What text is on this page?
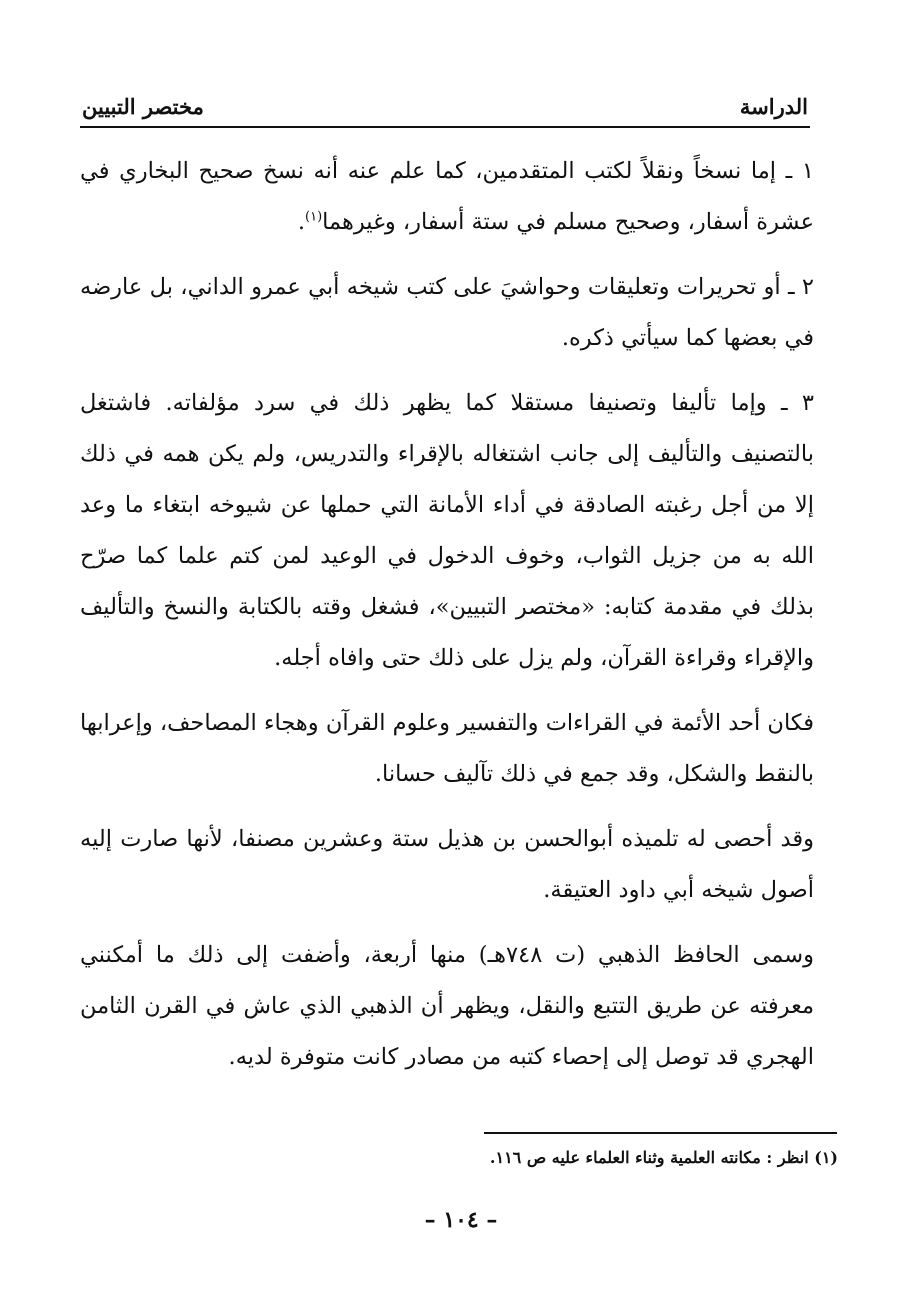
الدراسة
مختصر التبيين

١ ـ إما نسخاً ونقلاً لكتب المتقدمين، كما علم عنه أنه نسخ صحيح البخاري في عشرة أسفار، وصحيح مسلم في ستة أسفار، وغيرهما$^{(١)}$.

٢ ـ أو تحريرات وتعليقات وحواشيَ على كتب شيخه أبي عمرو الداني، بل عارضه في بعضها كما سيأتي ذكره.

٣ ـ وإما تأليفا وتصنيفا مستقلا كما يظهر ذلك في سرد مؤلفاته. فاشتغل بالتصنيف والتأليف إلى جانب اشتغاله بالإقراء والتدريس، ولم يكن همه في ذلك إلا من أجل رغبته الصادقة في أداء الأمانة التي حملها عن شيوخه ابتغاء ما وعد الله به من جزيل الثواب، وخوف الدخول في الوعيد لمن كتم علما كما صرّح بذلك في مقدمة كتابه: «مختصر التبيين»، فشغل وقته بالكتابة والنسخ والتأليف والإقراء وقراءة القرآن، ولم يزل على ذلك حتى وافاه أجله.

فكان أحد الأئمة في القراءات والتفسير وعلوم القرآن وهجاء المصاحف، وإعرابها بالنقط والشكل، وقد جمع في ذلك تآليف حسانا.

وقد أحصى له تلميذه أبوالحسن بن هذيل ستة وعشرين مصنفا، لأنها صارت إليه أصول شيخه أبي داود العتيقة.

وسمى الحافظ الذهبي (ت ٧٤٨هـ) منها أربعة، وأضفت إلى ذلك ما أمكنني معرفته عن طريق التتبع والنقل، ويظهر أن الذهبي الذي عاش في القرن الثامن الهجري قد توصل إلى إحصاء كتبه من مصادر كانت متوفرة لديه.

(١) انظر : مكانته العلمية وثناء العلماء عليه ص ١١٦.
– ١٠٤ –
